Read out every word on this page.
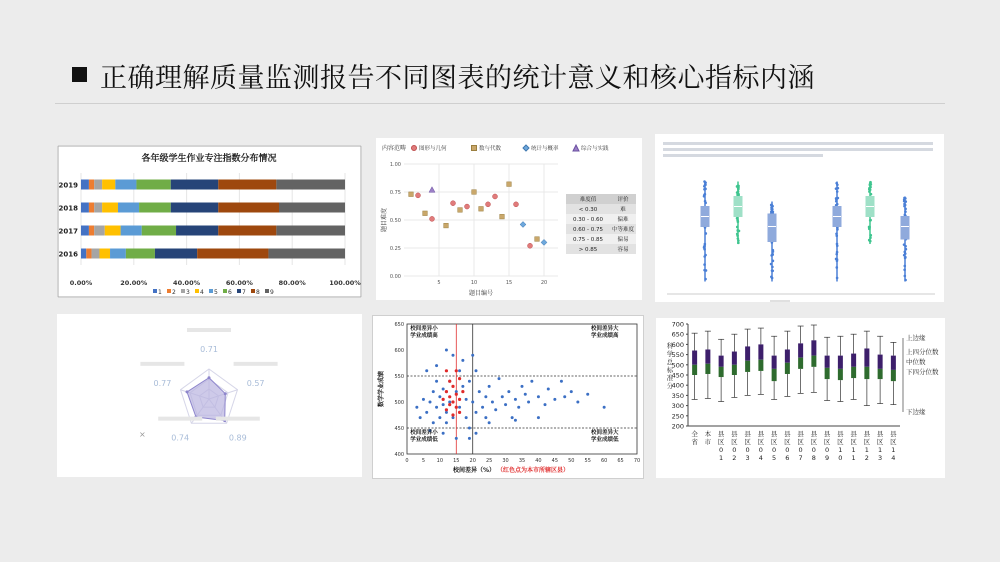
正确理解质量监测报告不同图表的统计意义和核心指标内涵
各年级学生作业专注指数分布情况
0.00%	20.00%	40.00%	60.00%	80.00%	100.00%
2019
2018
2017
2016
1 2 3 4 5 6 7 8 9
内容范畴 图形与几何	数与代数	统计与概率	综合与实践
0.00
0.25
0.50
0.75
1.00
5	10	15	20
题目编号
题目难度
难度值	评价
< 0.30	难
0.30 - 0.60	偏难
0.60 - 0.75 中等难度
0.75 - 0.85	偏易
> 0.85	容易
0.71
0.57
0.89
0.74
0.77
×
400
450
500
550
600
650
0	5 10 15 20 25 30 35 40 45 50 55 60 65 70
校间差异小
学业成绩高
校间差异大
学业成绩高
校间差异小
学业成绩低
校间差异大
学业成绩低
数学学业成绩
校间差异（%） （红色点为本市所辖区县）
200
250
300
350
400
450
500
550
600
650
700
科
学
总
标
准
分
全
省
本
市
县
区
0
1
县
区
0
2
县
区
0
3
县
区
0
4
县
区
0
5
县
区
0
6
县
区
0
7
县
区
0
8
县
区
0
9
县
区
1
0
县
区
1
1
县
区
1
2
县
区
1
3
县
区
1
4
上边缘
上四分位数
中位数
下四分位数
下边缘
